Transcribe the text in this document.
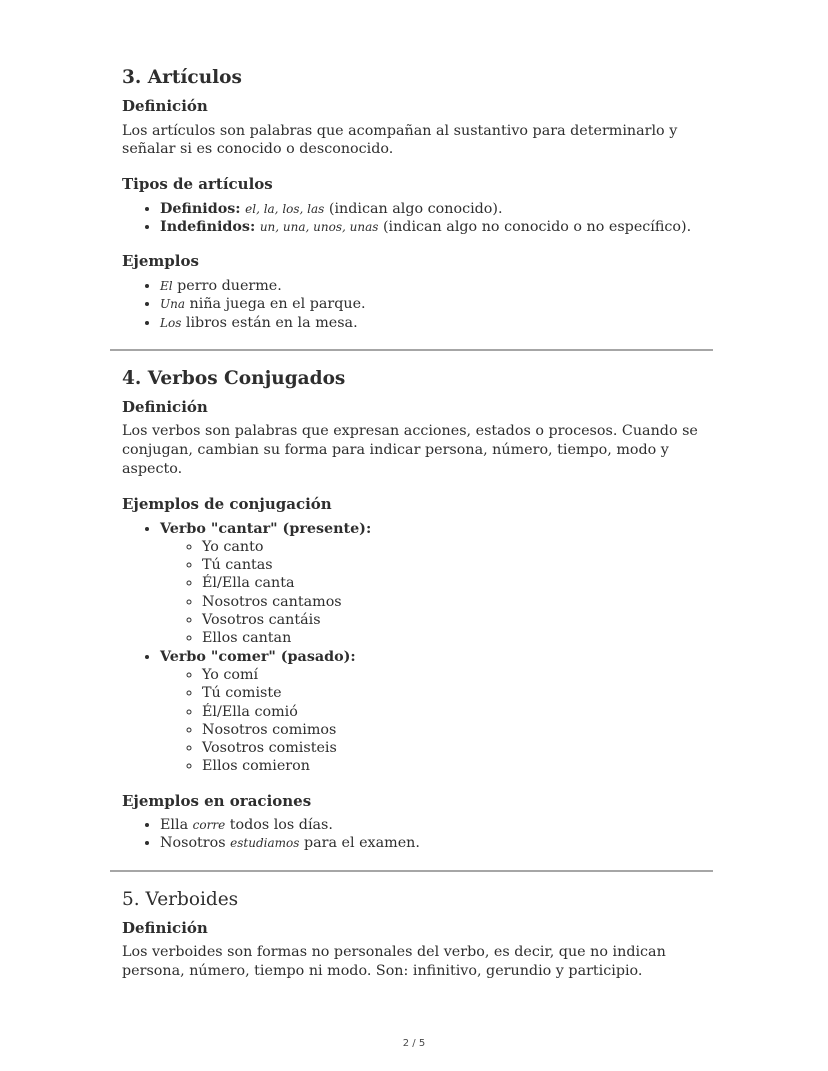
3. Artículos
Definición

Los artículos son palabras que acompañan al sustantivo para determinarlo y señalar si es conocido o desconocido.

Tipos de artículos
• Definidos: el, la, los, las (indican algo conocido).
• Indefinidos: un, una, unos, unas (indican algo no conocido o no específico).
Ejemplos
• El perro duerme.
• Una niña juega en el parque.
• Los libros están en la mesa.
4. Verbos Conjugados
Definición

Los verbos son palabras que expresan acciones, estados o procesos. Cuando se conjugan, cambian su forma para indicar persona, número, tiempo, modo y aspecto.

Ejemplos de conjugación
• Verbo "cantar" (presente):
◦ Yo canto
◦ Tú cantas
◦ Él/Ella canta
◦ Nosotros cantamos
◦ Vosotros cantáis
◦ Ellos cantan
• Verbo "comer" (pasado):
◦ Yo comí
◦ Tú comiste
◦ Él/Ella comió
◦ Nosotros comimos
◦ Vosotros comisteis
◦ Ellos comieron
Ejemplos en oraciones
• Ella corre todos los días.
• Nosotros estudiamos para el examen.
5. Verboides
Definición

Los verboides son formas no personales del verbo, es decir, que no indican persona, número, tiempo ni modo. Son: infinitivo, gerundio y participio.

2 / 5
